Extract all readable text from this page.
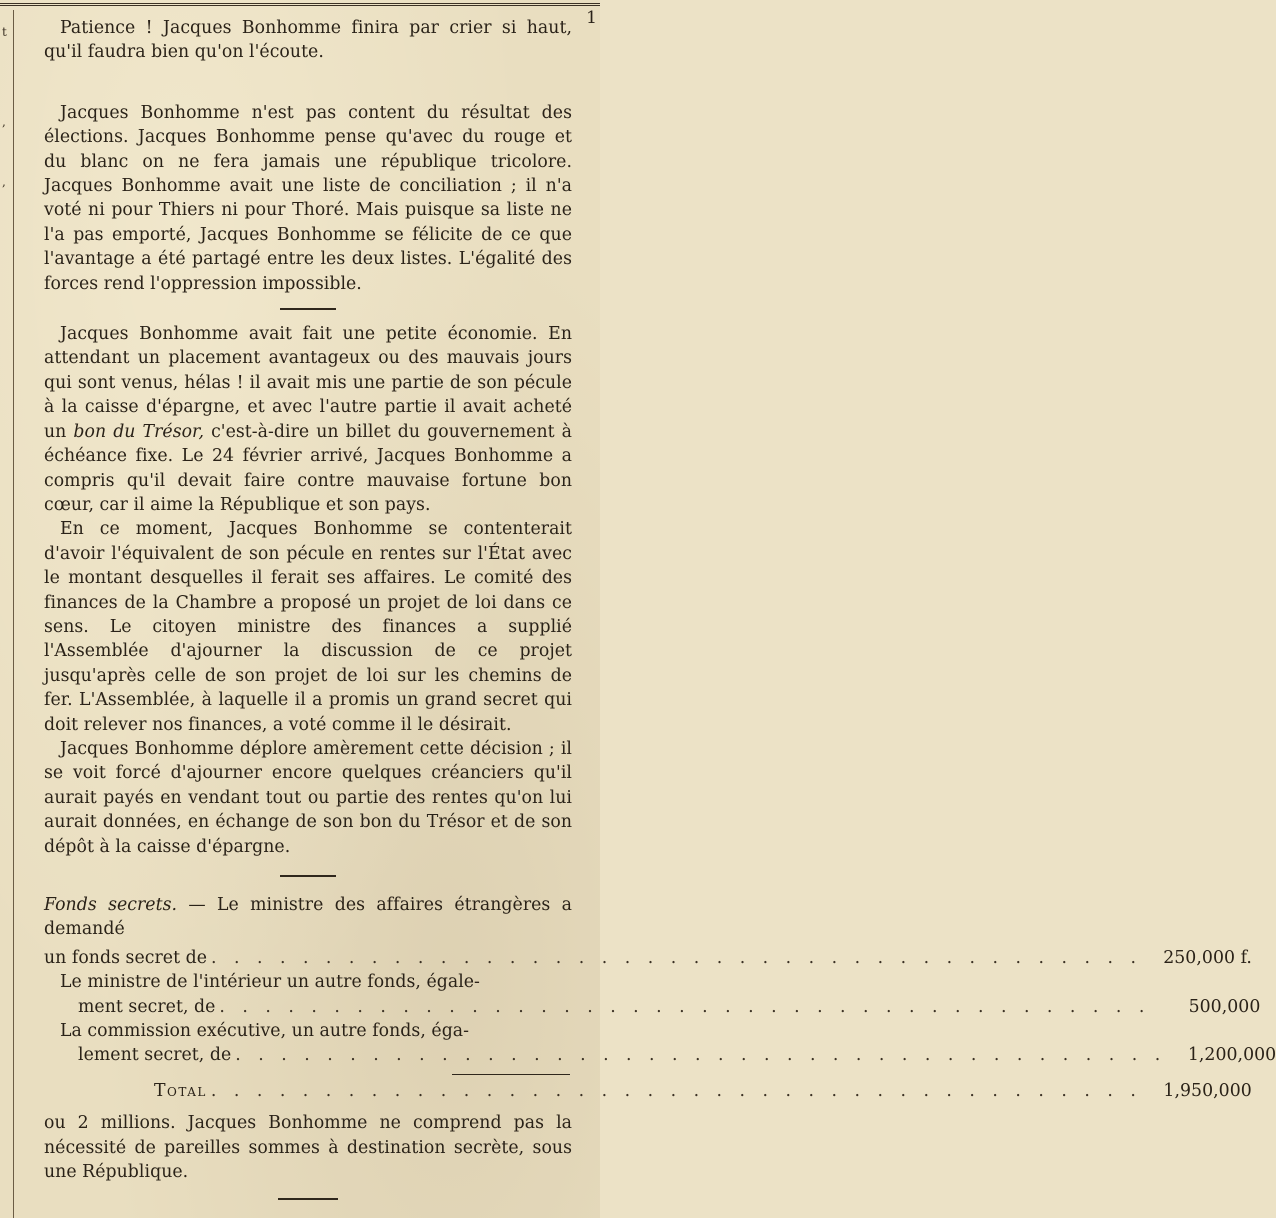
t
,
,
1

Patience ! Jacques Bonhomme finira par crier si haut, qu'il faudra bien qu'on l'écoute.

Jacques Bonhomme n'est pas content du résultat des élections. Jacques Bonhomme pense qu'avec du rouge et du blanc on ne fera jamais une république tricolore. Jacques Bonhomme avait une liste de conciliation ; il n'a voté ni pour Thiers ni pour Thoré. Mais puisque sa liste ne l'a pas emporté, Jacques Bonhomme se félicite de ce que l'avantage a été partagé entre les deux listes. L'égalité des forces rend l'oppression impossible.

Jacques Bonhomme avait fait une petite économie. En attendant un placement avantageux ou des mauvais jours qui sont venus, hélas ! il avait mis une partie de son pécule à la caisse d'épargne, et avec l'autre partie il avait acheté un bon du Trésor, c'est-à-dire un billet du gouvernement à échéance fixe. Le 24 février arrivé, Jacques Bonhomme a compris qu'il devait faire contre mauvaise fortune bon cœur, car il aime la République et son pays.

En ce moment, Jacques Bonhomme se contenterait d'avoir l'équivalent de son pécule en rentes sur l'État avec le montant desquelles il ferait ses affaires. Le comité des finances de la Chambre a proposé un projet de loi dans ce sens. Le citoyen ministre des finances a supplié l'Assemblée d'ajourner la discussion de ce projet jusqu'après celle de son projet de loi sur les chemins de fer. L'Assemblée, à laquelle il a promis un grand secret qui doit relever nos finances, a voté comme il le désirait.

Jacques Bonhomme déplore amèrement cette décision ; il se voit forcé d'ajourner encore quelques créanciers qu'il aurait payés en vendant tout ou partie des rentes qu'on lui aurait données, en échange de son bon du Trésor et de son dépôt à la caisse d'épargne.

Fonds secrets. — Le ministre des affaires étrangères a demandé

un fonds secret de . . . . . . . . . . . . . . . . . . . . . . . . . . . . . . . . . . . . . . . . .	250,000 f.
Le ministre de l'intérieur un autre fonds, égale-
ment secret, de . . . . . . . . . . . . . . . . . . . . . . . . . . . . . . . . . . . . . . . . .	500,000
La commission exécutive, un autre fonds, éga-
lement secret, de . . . . . . . . . . . . . . . . . . . . . . . . . . . . . . . . . . . . . . . . .	1,200,000
Total . . . . . . . . . . . . . . . . . . . . . . . . . . . . . . . . . . . . . . . . .	1,950,000

ou 2 millions. Jacques Bonhomme ne comprend pas la nécessité de pareilles sommes à destination secrète, sous une République.
